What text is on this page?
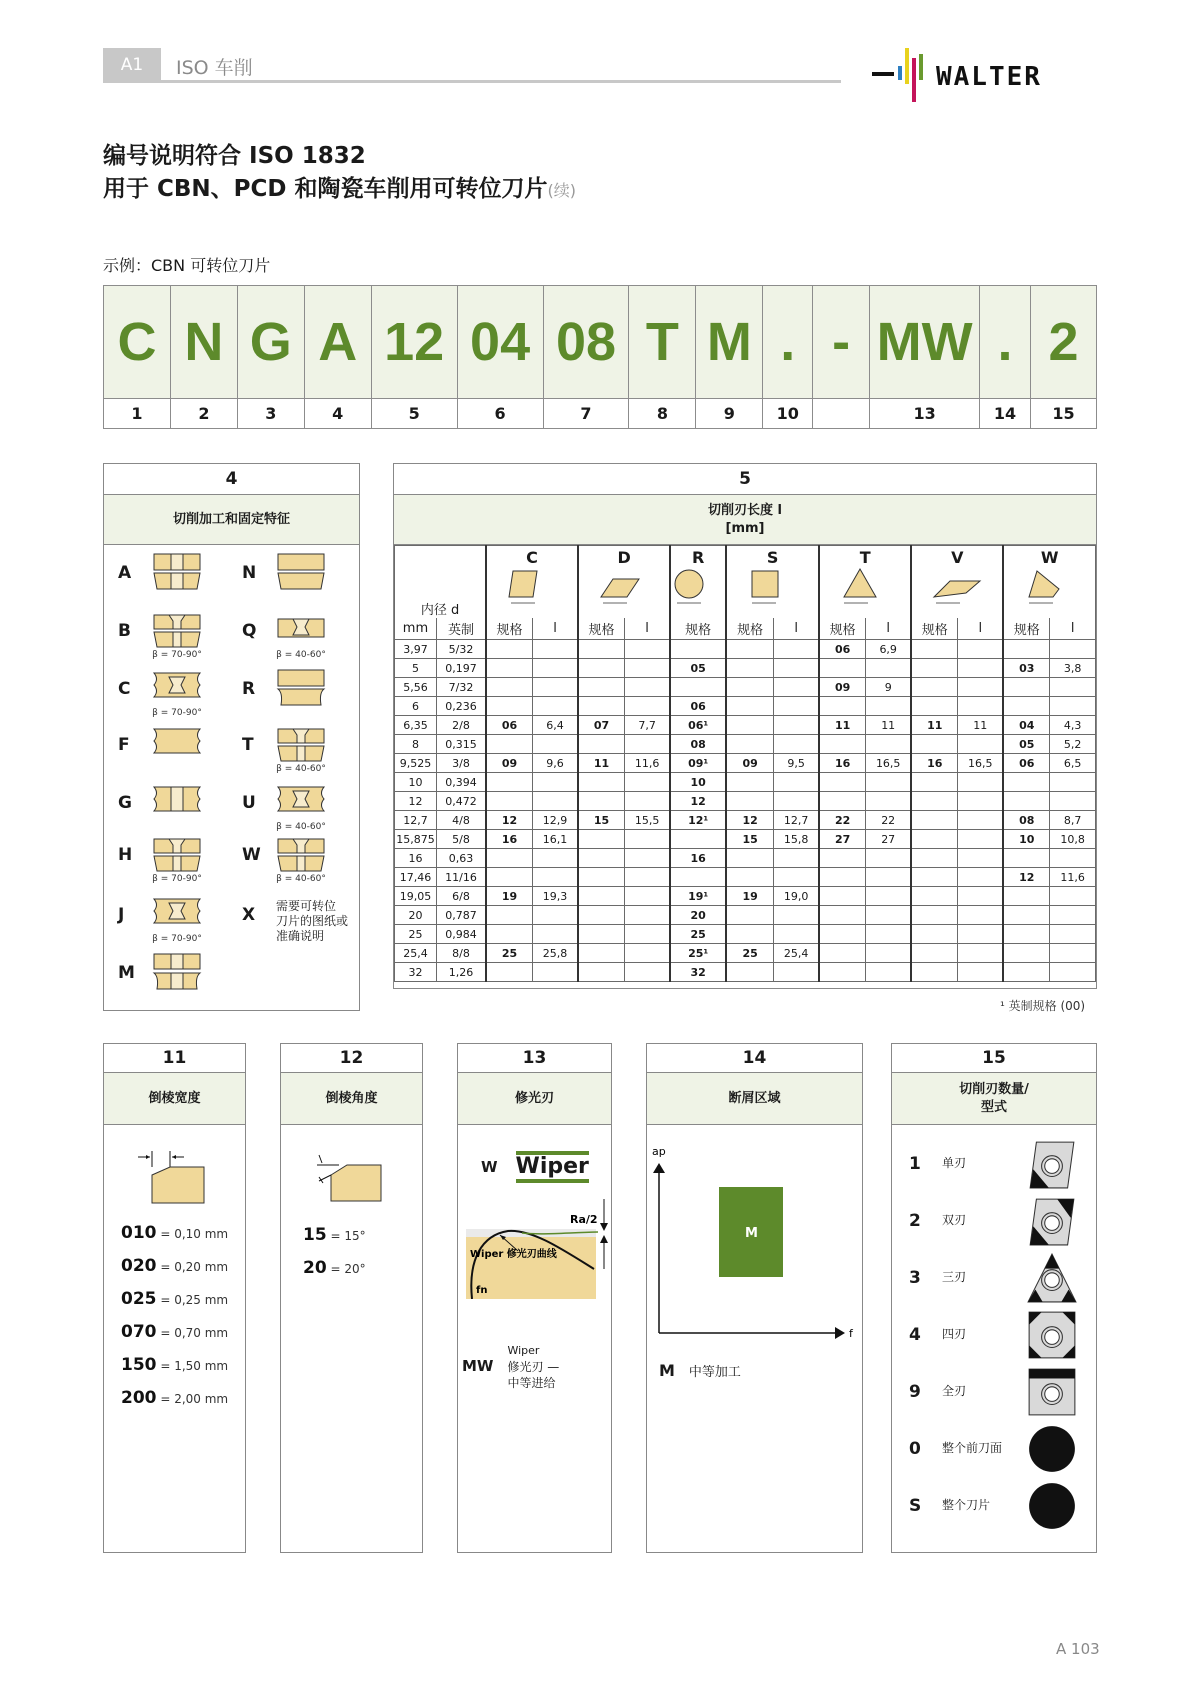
A1	ISO 车削	WALTER
编号说明符合 ISO 1832
用于 CBN、PCD 和陶瓷车削用可转位刀片(续)
示例：CBN 可转位刀片
C	N	G	A	12	04	08	T	M	.	-	MW	.	2
1	2	3	4	5	6	7	8	9	10		13	14	15
4
切削加工和固定特征
A	N
B
β = 70-90°
Q
β = 40-60°
C
β = 70-90°
R
F	T
β = 40-60°
G	U
β = 40-60°
H
β = 70-90°
W
β = 40-60°
J
β = 70-90°
X	需要可转位
刀片的图纸或
准确说明
M
5
切削刃长度 l
[mm]
内径 d		C		D		R	S		T		V		W	

mm	英制	规格	l	规格	l	规格	规格	l	规格	l	规格	l	规格	l
3,97	5/32								06	6,9				
5	0,197					05							03	3,8
5,56	7/32								09	9				
6	0,236					06								
6,35	2/8	06	6,4	07	7,7	06¹			11	11	11	11	04	4,3
8	0,315					08							05	5,2
9,525	3/8	09	9,6	11	11,6	09¹	09	9,5	16	16,5	16	16,5	06	6,5
10	0,394					10								
12	0,472					12								
12,7	4/8	12	12,9	15	15,5	12¹	12	12,7	22	22			08	8,7
15,875	5/8	16	16,1				15	15,8	27	27			10	10,8
16	0,63					16								
17,46	11/16												12	11,6
19,05	6/8	19	19,3			19¹	19	19,0						
20	0,787					20								
25	0,984					25								
25,4	8/8	25	25,8			25¹	25	25,4						
32	1,26					32								
¹ 英制规格 (00)
11
倒棱宽度
010 = 0,10 mm
020 = 0,20 mm
025 = 0,25 mm
070 = 0,70 mm
150 = 1,50 mm
200 = 2,00 mm
12
倒棱角度
15 = 15°
20 = 20°
13
修光刃
W Wiper
Ra/2
Wiper 修光刃曲线
fn
MW
Wiper
修光刃 —
中等进给
14
断屑区域
ap
f
M
M 中等加工
15
切削刃数量/
型式
1	单刃
2	双刃
3	三刃
4	四刃
9	全刃
0	整个前刀面
S	整个刀片
A 103
